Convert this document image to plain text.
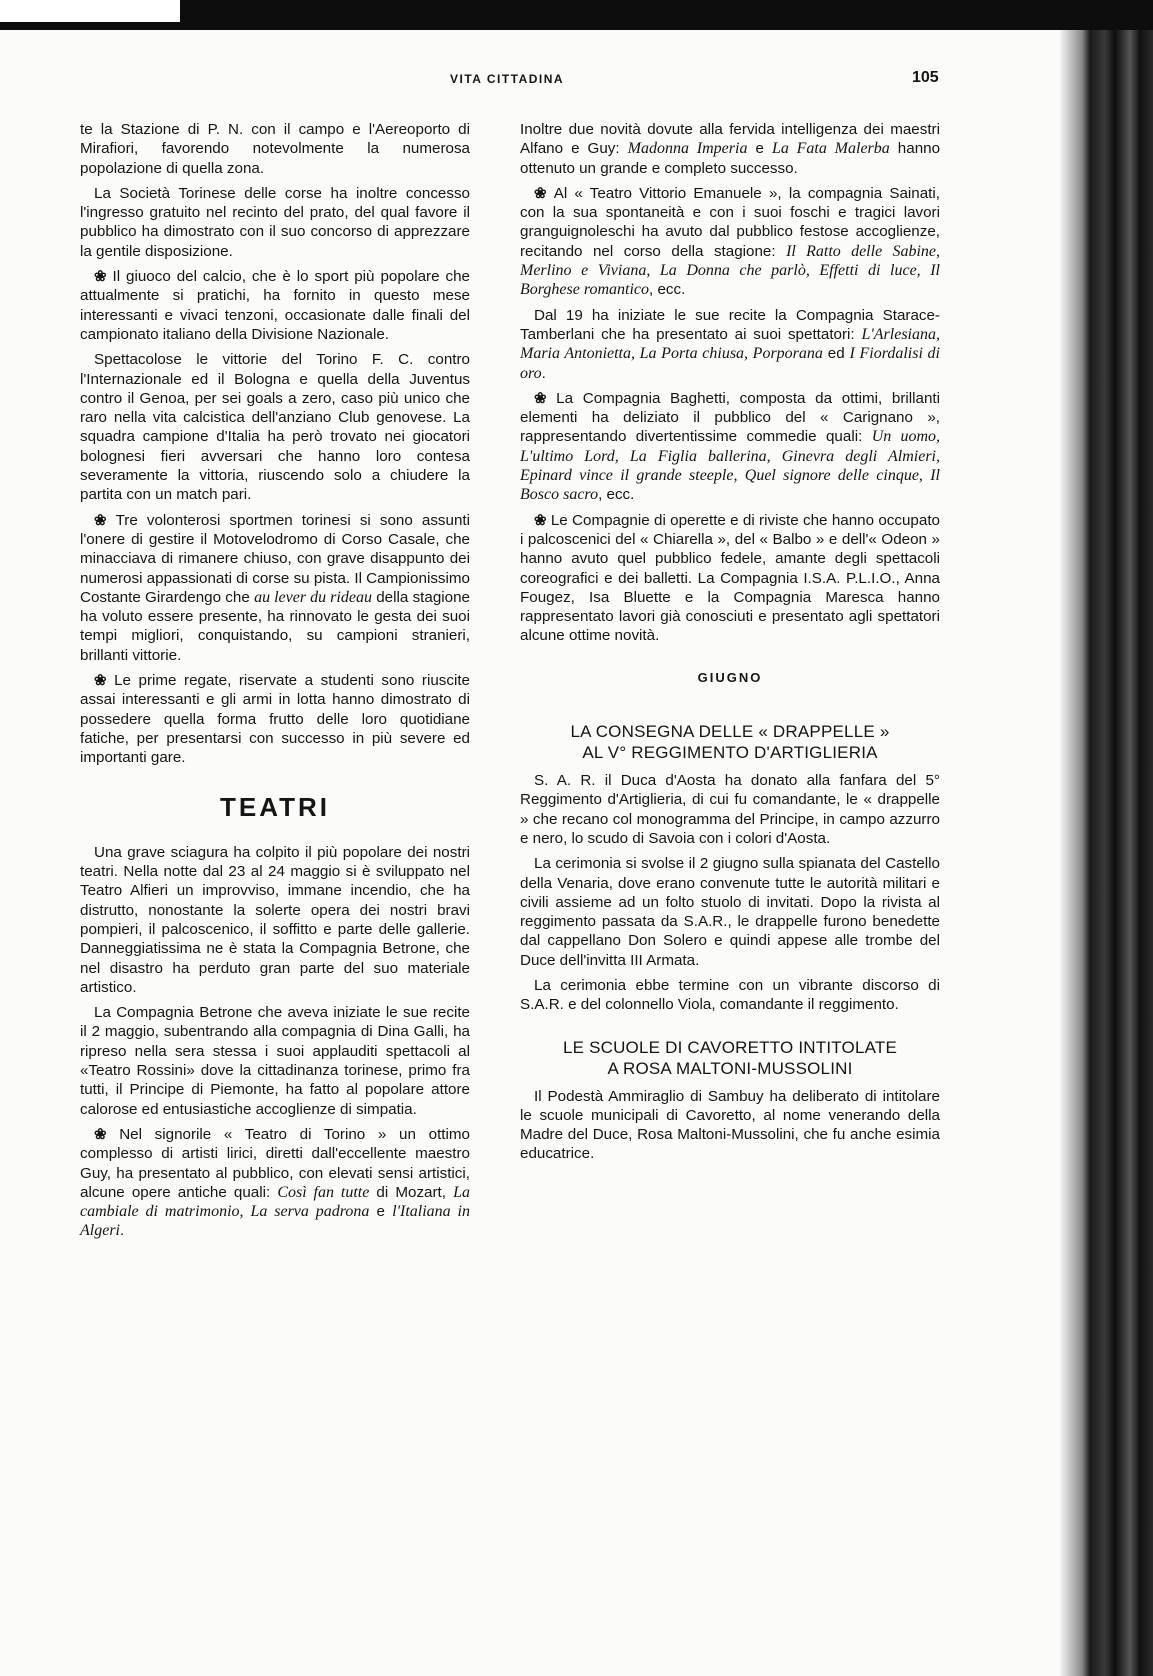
VITA CITTADINA	105

te la Stazione di P. N. con il campo e l'Aereoporto di Mirafiori, favorendo notevolmente la numerosa popolazione di quella zona.

La Società Torinese delle corse ha inoltre concesso l'ingresso gratuito nel recinto del prato, del qual favore il pubblico ha dimostrato con il suo concorso di apprezzare la gentile disposizione.

❀ Il giuoco del calcio, che è lo sport più popolare che attualmente si pratichi, ha fornito in questo mese interessanti e vivaci tenzoni, occasionate dalle finali del campionato italiano della Divisione Nazionale.

Spettacolose le vittorie del Torino F. C. contro l'Internazionale ed il Bologna e quella della Juventus contro il Genoa, per sei goals a zero, caso più unico che raro nella vita calcistica dell'anziano Club genovese. La squadra campione d'Italia ha però trovato nei giocatori bolognesi fieri avversari che hanno loro contesa severamente la vittoria, riuscendo solo a chiudere la partita con un match pari.

❀ Tre volonterosi sportmen torinesi si sono assunti l'onere di gestire il Motovelodromo di Corso Casale, che minacciava di rimanere chiuso, con grave disappunto dei numerosi appassionati di corse su pista. Il Campionissimo Costante Girardengo che au lever du rideau della stagione ha voluto essere presente, ha rinnovato le gesta dei suoi tempi migliori, conquistando, su campioni stranieri, brillanti vittorie.

❀ Le prime regate, riservate a studenti sono riuscite assai interessanti e gli armi in lotta hanno dimostrato di possedere quella forma frutto delle loro quotidiane fatiche, per presentarsi con successo in più severe ed importanti gare.

TEATRI

Una grave sciagura ha colpito il più popolare dei nostri teatri. Nella notte dal 23 al 24 maggio si è sviluppato nel Teatro Alfieri un improvviso, immane incendio, che ha distrutto, nonostante la solerte opera dei nostri bravi pompieri, il palcoscenico, il soffitto e parte delle gallerie. Danneggiatissima ne è stata la Compagnia Betrone, che nel disastro ha perduto gran parte del suo materiale artistico.

La Compagnia Betrone che aveva iniziate le sue recite il 2 maggio, subentrando alla compagnia di Dina Galli, ha ripreso nella sera stessa i suoi applauditi spettacoli al «Teatro Rossini» dove la cittadinanza torinese, primo fra tutti, il Principe di Piemonte, ha fatto al popolare attore calorose ed entusiastiche accoglienze di simpatia.

❀ Nel signorile « Teatro di Torino » un ottimo complesso di artisti lirici, diretti dall'eccellente maestro Guy, ha presentato al pubblico, con elevati sensi artistici, alcune opere antiche quali: Così fan tutte di Mozart, La cambiale di matrimonio, La serva padrona e l'Italiana in Algeri.

Inoltre due novità dovute alla fervida intelligenza dei maestri Alfano e Guy: Madonna Imperia e La Fata Malerba hanno ottenuto un grande e completo successo.

❀ Al « Teatro Vittorio Emanuele », la compagnia Sainati, con la sua spontaneità e con i suoi foschi e tragici lavori granguignoleschi ha avuto dal pubblico festose accoglienze, recitando nel corso della stagione: Il Ratto delle Sabine, Merlino e Viviana, La Donna che parlò, Effetti di luce, Il Borghese romantico, ecc.

Dal 19 ha iniziate le sue recite la Compagnia Starace-Tamberlani che ha presentato ai suoi spettatori: L'Arlesiana, Maria Antonietta, La Porta chiusa, Porporana ed I Fiordalisi di oro.

❀ La Compagnia Baghetti, composta da ottimi, brillanti elementi ha deliziato il pubblico del « Carignano », rappresentando divertentissime commedie quali: Un uomo, L'ultimo Lord, La Figlia ballerina, Ginevra degli Almieri, Epinard vince il grande steeple, Quel signore delle cinque, Il Bosco sacro, ecc.

❀ Le Compagnie di operette e di riviste che hanno occupato i palcoscenici del « Chiarella », del « Balbo » e dell'« Odeon » hanno avuto quel pubblico fedele, amante degli spettacoli coreografici e dei balletti. La Compagnia I.S.A. P.L.I.O., Anna Fougez, Isa Bluette e la Compagnia Maresca hanno rappresentato lavori già conosciuti e presentato agli spettatori alcune ottime novità.

GIUGNO
LA CONSEGNA DELLE « DRAPPELLE »
AL V° REGGIMENTO D'ARTIGLIERIA

S. A. R. il Duca d'Aosta ha donato alla fanfara del 5° Reggimento d'Artiglieria, di cui fu comandante, le « drappelle » che recano col monogramma del Principe, in campo azzurro e nero, lo scudo di Savoia con i colori d'Aosta.

La cerimonia si svolse il 2 giugno sulla spianata del Castello della Venaria, dove erano convenute tutte le autorità militari e civili assieme ad un folto stuolo di invitati. Dopo la rivista al reggimento passata da S.A.R., le drappelle furono benedette dal cappellano Don Solero e quindi appese alle trombe del Duce dell'invitta III Armata.

La cerimonia ebbe termine con un vibrante discorso di S.A.R. e del colonnello Viola, comandante il reggimento.

LE SCUOLE DI CAVORETTO INTITOLATE
A ROSA MALTONI-MUSSOLINI

Il Podestà Ammiraglio di Sambuy ha deliberato di intitolare le scuole municipali di Cavoretto, al nome venerando della Madre del Duce, Rosa Maltoni-Mussolini, che fu anche esimia educatrice.
